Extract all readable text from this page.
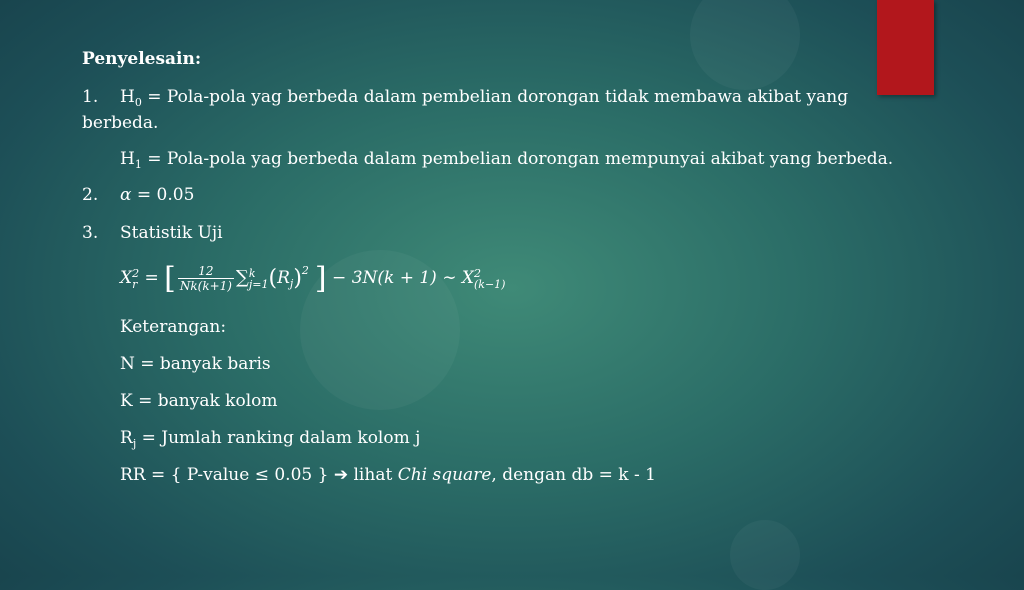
Penyelesain:
1. $H_0$ = Pola-pola yag berbeda dalam pembelian dorongan tidak membawa akibat yang
berbeda.
$H_1$ = Pola-pola yag berbeda dalam pembelian dorongan mempunyai akibat yang berbeda.
2. α = 0.05
3. Statistik Uji
X 2
r = [ $\frac{12}{Nk(k+1)}$ ∑ k
j=1 $(R_j)^2$ ] − 3N(k + 1) ∼ X 2
(k−1)
Keterangan:
N = banyak baris
K = banyak kolom
$R_j$ = Jumlah ranking dalam kolom j
RR = { P-value ≤ 0.05 } ➔ lihat Chi square, dengan db = k - 1
